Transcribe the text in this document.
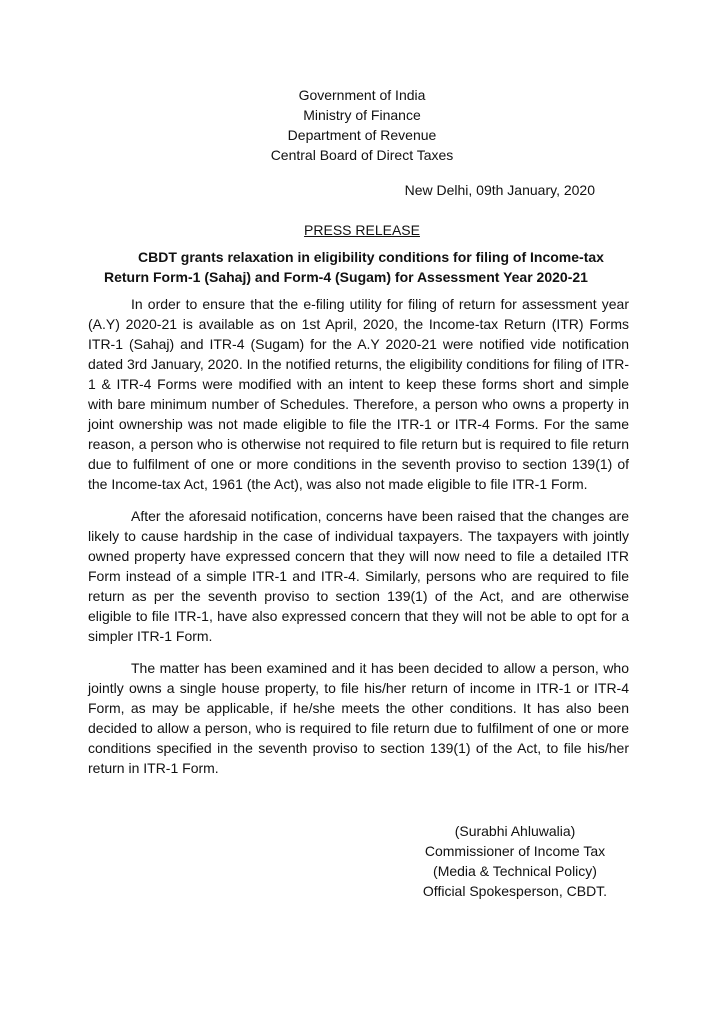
Government of India
Ministry of Finance
Department of Revenue
Central Board of Direct Taxes
New Delhi, 09th January, 2020
PRESS RELEASE
CBDT grants relaxation in eligibility conditions for filing of Income-tax
Return Form-1 (Sahaj) and Form-4 (Sugam) for Assessment Year 2020-21

In order to ensure that the e-filing utility for filing of return for assessment year (A.Y) 2020-21 is available as on 1st April, 2020, the Income-tax Return (ITR) Forms ITR-1 (Sahaj) and ITR-4 (Sugam) for the A.Y 2020-21 were notified vide notification dated 3rd January, 2020. In the notified returns, the eligibility conditions for filing of ITR-1 & ITR-4 Forms were modified with an intent to keep these forms short and simple with bare minimum number of Schedules. Therefore, a person who owns a property in joint ownership was not made eligible to file the ITR-1 or ITR-4 Forms. For the same reason, a person who is otherwise not required to file return but is required to file return due to fulfilment of one or more conditions in the seventh proviso to section 139(1) of the Income-tax Act, 1961 (the Act), was also not made eligible to file ITR-1 Form.

After the aforesaid notification, concerns have been raised that the changes are likely to cause hardship in the case of individual taxpayers. The taxpayers with jointly owned property have expressed concern that they will now need to file a detailed ITR Form instead of a simple ITR-1 and ITR-4. Similarly, persons who are required to file return as per the seventh proviso to section 139(1) of the Act, and are otherwise eligible to file ITR-1, have also expressed concern that they will not be able to opt for a simpler ITR-1 Form.

The matter has been examined and it has been decided to allow a person, who jointly owns a single house property, to file his/her return of income in ITR-1 or ITR-4 Form, as may be applicable, if he/she meets the other conditions. It has also been decided to allow a person, who is required to file return due to fulfilment of one or more conditions specified in the seventh proviso to section 139(1) of the Act, to file his/her return in ITR-1 Form.

(Surabhi Ahluwalia)
Commissioner of Income Tax
(Media & Technical Policy)
Official Spokesperson, CBDT.
